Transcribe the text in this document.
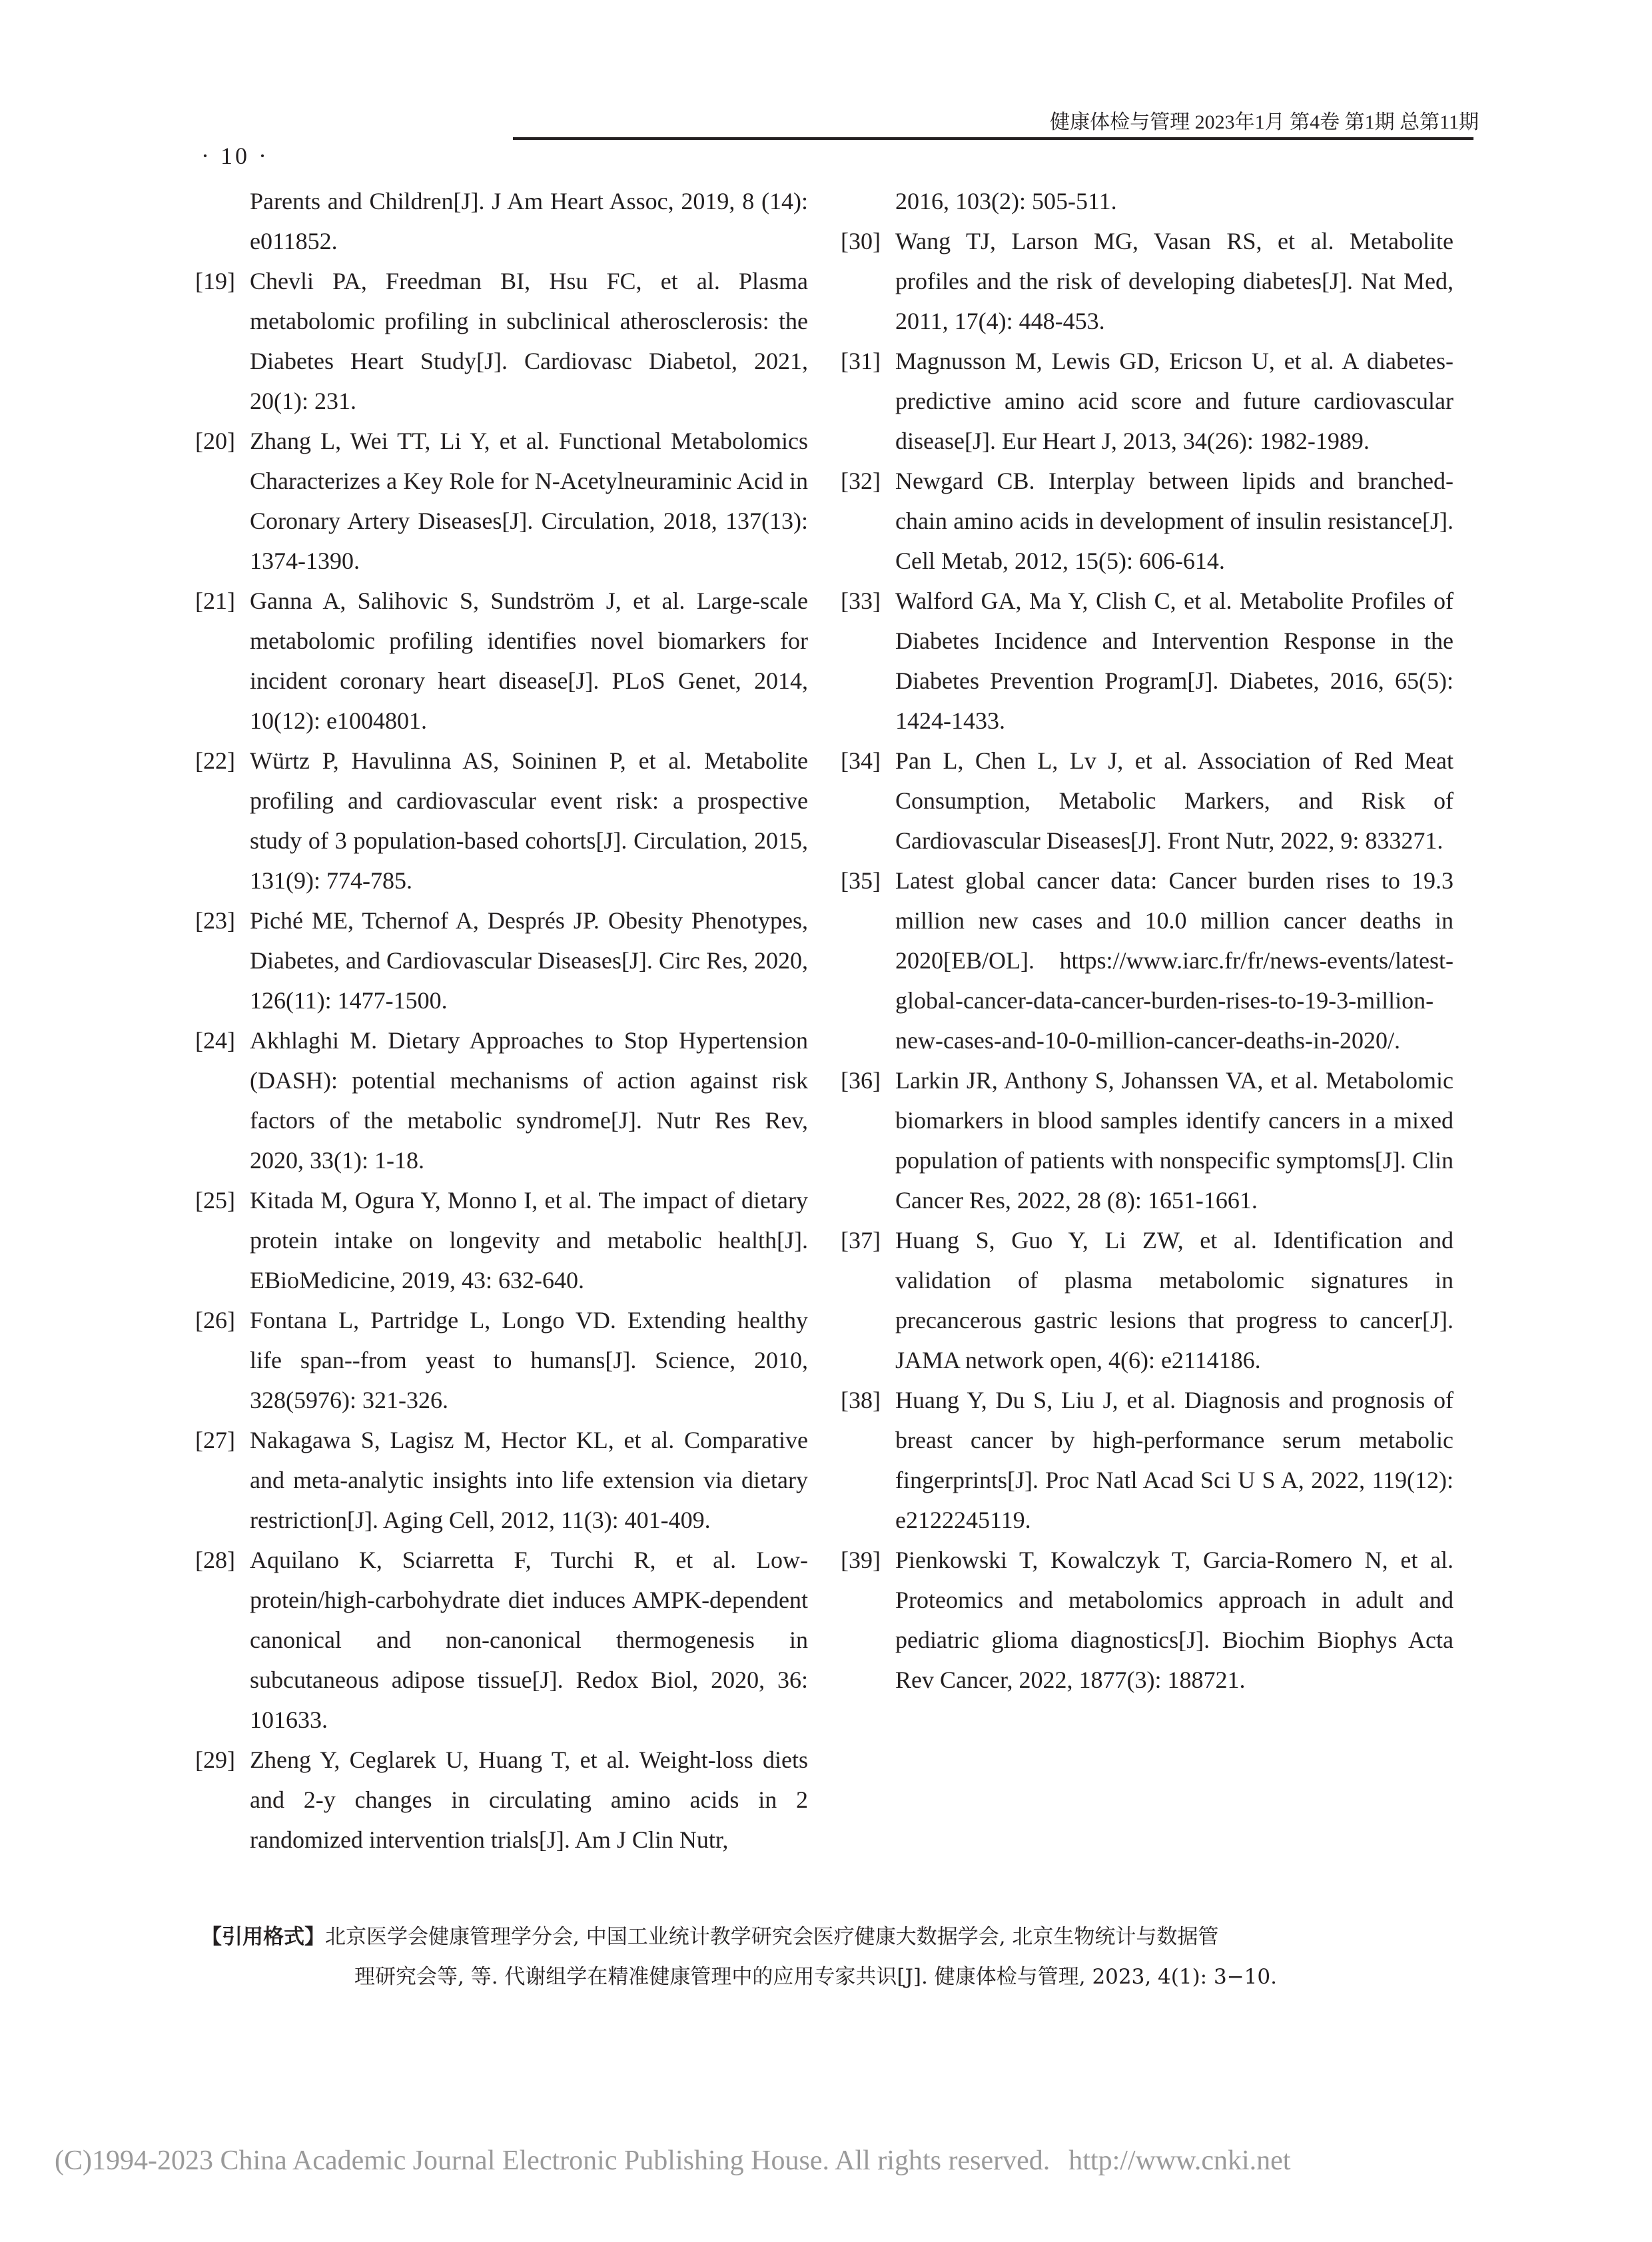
健康体检与管理 2023年1月 第4卷 第1期 总第11期
· 10 ·
Parents and Children[J]. J Am Heart Assoc, 2019, 8 (14): e011852.
[19] Chevli PA, Freedman BI, Hsu FC, et al. Plasma metabolomic profiling in subclinical atherosclerosis: the Diabetes Heart Study[J]. Cardiovasc Diabetol, 2021, 20(1): 231.
[20] Zhang L, Wei TT, Li Y, et al. Functional Metabolomics Characterizes a Key Role for N-Acetylneuraminic Acid in Coronary Artery Diseases[J]. Circulation, 2018, 137(13): 1374-1390.
[21] Ganna A, Salihovic S, Sundström J, et al. Large-scale metabolomic profiling identifies novel biomarkers for incident coronary heart disease[J]. PLoS Genet, 2014, 10(12): e1004801.
[22] Würtz P, Havulinna AS, Soininen P, et al. Metabolite profiling and cardiovascular event risk: a prospective study of 3 population-based cohorts[J]. Circulation, 2015, 131(9): 774-785.
[23] Piché ME, Tchernof A, Després JP. Obesity Phenotypes, Diabetes, and Cardiovascular Diseases[J]. Circ Res, 2020, 126(11): 1477-1500.
[24] Akhlaghi M. Dietary Approaches to Stop Hypertension (DASH): potential mechanisms of action against risk factors of the metabolic syndrome[J]. Nutr Res Rev, 2020, 33(1): 1-18.
[25] Kitada M, Ogura Y, Monno I, et al. The impact of dietary protein intake on longevity and metabolic health[J]. EBioMedicine, 2019, 43: 632-640.
[26] Fontana L, Partridge L, Longo VD. Extending healthy life span--from yeast to humans[J]. Science, 2010, 328(5976): 321-326.
[27] Nakagawa S, Lagisz M, Hector KL, et al. Comparative and meta-analytic insights into life extension via dietary restriction[J]. Aging Cell, 2012, 11(3): 401-409.
[28] Aquilano K, Sciarretta F, Turchi R, et al. Low-protein/high-carbohydrate diet induces AMPK-dependent canonical and non-canonical thermogenesis in subcutaneous adipose tissue[J]. Redox Biol, 2020, 36: 101633.
[29] Zheng Y, Ceglarek U, Huang T, et al. Weight-loss diets and 2-y changes in circulating amino acids in 2 randomized intervention trials[J]. Am J Clin Nutr,
2016, 103(2): 505-511.
[30] Wang TJ, Larson MG, Vasan RS, et al. Metabolite profiles and the risk of developing diabetes[J]. Nat Med, 2011, 17(4): 448-453.
[31] Magnusson M, Lewis GD, Ericson U, et al. A diabetes-predictive amino acid score and future cardiovascular disease[J]. Eur Heart J, 2013, 34(26): 1982-1989.
[32] Newgard CB. Interplay between lipids and branched-chain amino acids in development of insulin resistance[J]. Cell Metab, 2012, 15(5): 606-614.
[33] Walford GA, Ma Y, Clish C, et al. Metabolite Profiles of Diabetes Incidence and Intervention Response in the Diabetes Prevention Program[J]. Diabetes, 2016, 65(5): 1424-1433.
[34] Pan L, Chen L, Lv J, et al. Association of Red Meat Consumption, Metabolic Markers, and Risk of Cardiovascular Diseases[J]. Front Nutr, 2022, 9: 833271.
[35] Latest global cancer data: Cancer burden rises to 19.3 million new cases and 10.0 million cancer deaths in 2020[EB/OL]. https://www.iarc.fr/fr/news-events/latest-global-cancer-data-cancer-burden-rises-to-19-3-million-new-cases-and-10-0-million-cancer-deaths-in-2020/.
[36] Larkin JR, Anthony S, Johanssen VA, et al. Metabolomic biomarkers in blood samples identify cancers in a mixed population of patients with nonspecific symptoms[J]. Clin Cancer Res, 2022, 28 (8): 1651-1661.
[37] Huang S, Guo Y, Li ZW, et al. Identification and validation of plasma metabolomic signatures in precancerous gastric lesions that progress to cancer[J]. JAMA network open, 4(6): e2114186.
[38] Huang Y, Du S, Liu J, et al. Diagnosis and prognosis of breast cancer by high-performance serum metabolic fingerprints[J]. Proc Natl Acad Sci U S A, 2022, 119(12): e2122245119.
[39] Pienkowski T, Kowalczyk T, Garcia-Romero N, et al. Proteomics and metabolomics approach in adult and pediatric glioma diagnostics[J]. Biochim Biophys Acta Rev Cancer, 2022, 1877(3): 188721.
【引用格式】北京医学会健康管理学分会, 中国工业统计教学研究会医疗健康大数据学会, 北京生物统计与数据管
理研究会等, 等. 代谢组学在精准健康管理中的应用专家共识[J]. 健康体检与管理, 2023, 4(1): 3−10.
(C)1994-2023 China Academic Journal Electronic Publishing House. All rights reserved. http://www.cnki.net
